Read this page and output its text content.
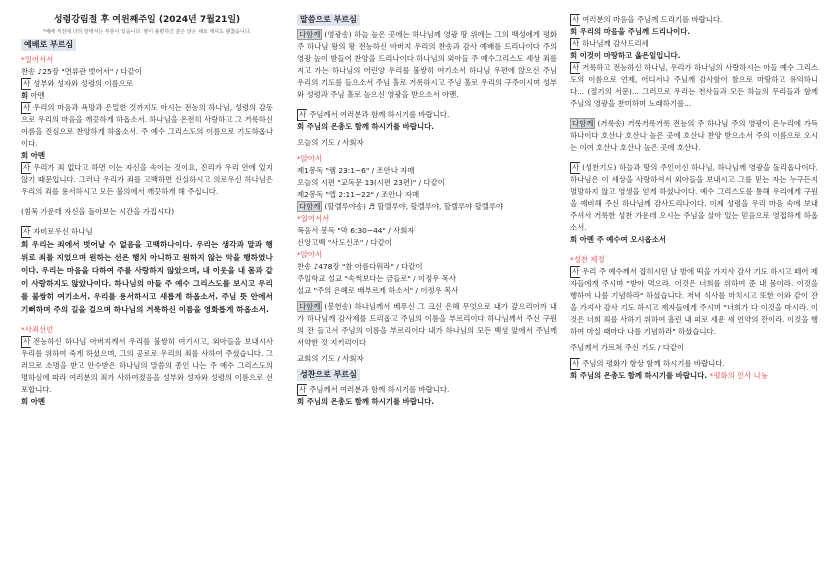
성령강림절 후 여윈째주일 (2024년 7월21일)
*예배 직전에 다리 앞에서는 부분이 있습니다. 옆이 볼편하신 분은 앉은 채로 계셔도 괜찮습니다.
예배로 부르심
*일어서서

찬송 ♪25장 "면류관 벗어서" / 다같이

사 성부와 성자와 성령의 이름으로

회 아멘

사 우리의 마음과 욕망과 은밀한 것까지도 아시는 전능의 하나님, 성령의 감동으로 우리의 마음을 깨끗하게 하옵소서. 하나님을 온전히 사랑하고 그 거룩하신 이름을 진심으로 찬양하게 하옵소서. 주 예수 그리스도의 이름으로 기도하옵나이다.

회 아멘

사 우리가 죄 없다고 하면 이는 자신을 속이는 것이요, 진리가 우리 안에 있지 않기 때문입니다. 그러나 우리가 죄를 고백하면 신실하시고 의로우신 하나님은 우리의 죄를 용서하시고 모든 불의에서 깨끗하게 해 주십니다.

(침묵 가운데 자신을 돌아보는 시간을 가집시다)

사 자비로우신 하나님

회 우리는 죄에서 벗어날 수 없음을 고백하나이다. 우리는 생각과 말과 행위로 죄를 지었으며 원하는 선은 행치 아니하고 원하지 않는 악을 행하였나이다. 우리는 마음을 다하여 주를 사랑하지 않았으며, 내 이웃을 내 몸과 같이 사랑하지도 않았나이다. 하나님의 아들 주 예수 그리스도를 보시고 우리를 불쌍히 여기소서. 우리를 용서하시고 새롭게 하옵소서. 주님 뜻 안에서 기뻐하며 주의 길을 걸으며 하나님의 거룩하신 이름을 영화롭게 하옵소서.

*사죄선언

사 전능하신 하나님 아버지께서 우리를 불쌍히 여기시고, 외아들을 보내시사 우리를 위하여 죽게 하셨으며, 그의 공로로 우리의 죄를 사하여 주셨습니다. 그러므로 소명을 받고 안수받은 하나님의 말씀의 종인 나는 주 예수 그리스도의 명하심에 따라 여러분의 죄가 사하여졌음을 성부와 성자와 성령의 이름으로 선포합니다.

회 아멘

말씀으로 부르심

다함께 (영광송) 하늘 높은 곳에는 하나님께 영광 땅 위에는 그의 백성에게 평화 주 하나님 왕의 왕 전능하신 아버지 우리의 찬송과 감사 예배를 드리나이다 주의 영광 높이 받들어 찬양을 드리나이다 하나님의 외아들 주 예수그리스도 세상 죄를 지고 가는 하나님의 어린양 우리를 불쌍히 여기소서 하나님 우편에 앉으신 주님 우리의 기도를 들으소서 주님 홀로 거룩하시고 주님 홀로 우리의 구주이시며 성부와 성령과 주님 홀로 높으신 영광을 받으소서 아멘.

사 주님께서 여러분과 함께 하시기를 바랍니다.

회 주님의 은총도 함께 하시기를 바랍니다.

오늘의 기도 / 사회자

*앉아서

제1봉독 "렘 23:1~6" / 조안나 자매

오늘의 시편 "교독문 13(시편 23편)" / 다같이

제2봉독 "엡 2:11~22" / 조안나 자매

다함께 (할렐루야송) ♬ 할렐루야, 할렐루야, 할렐루야 할렐루야

*일어서서

복음서 봉독 "막 6:30~44" / 사회자

신앙고백 "사도신조" / 다같이

*앉아서

찬송 ♪478장 "참 아름다워라" / 다같이

주일학교 설교 "속썩보다는 금들로" / 이정우 목사

설교 "주의 은혜로 배부르게 하소서" / 이정우 목사

다함께 (봉헌송) 하나님께서 베푸신 그 크신 은혜 무엇으로 내가 갚으리이까 내가 하나님께 감사제를 드리옵고 주님의 이름을 부르리이다 하나님께서 주신 구원의 잔 들고서 주님의 이름을 부르리이다 내가 하나님의 모든 백성 앞에서 주님께 서약한 것 지키리이다

교회의 기도 / 사회자

성찬으로 부르심

사 주님께서 여러분과 함께 하시기를 바랍니다.

회 주님의 은총도 함께 하시기를 바랍니다.

사 여러분의 마음을 주님께 드리기를 바랍니다.

회 우리의 마음을 주님께 드리나이다.

사 하나님께 감사드리세

회 이것이 마땅하고 옳은일입니다.

사 거룩하고 전능하신 하나님, 우리가 하나님의 사랑하시는 아들 예수 그리스도의 이름으로 언제, 어디서나 주님께 감사함이 참으로 마땅하고 유익하니다... (절기의 서문)... 그러므로 우리는 천사들과 모든 하늘의 무리들과 함께 주님의 영광을 찬미하며 노래하기를...

다함께 (거룩송) 거룩거룩거룩 전능의 주 하나님 주의 영광이 온누리에 가득하나이다 호산나 호산나 높은 곳에 호산나 찬양 받으소서 주의 이름으로 오시는 이여 호산나 호산나 높은 곳에 호산나.

사 (성찬기도) 하늘과 땅의 주인이신 하나님, 하나님께 영광을 돌리옵나이다. 하나님은 이 세상을 사랑하셔서 외아들을 보내시고 그를 믿는 자는 누구든지 멸망하지 않고 영생을 얻게 하셨나이다. 예수 그리스도를 통해 우리에게 구원을 예비해 주신 하나님께 감사드리나이다. 이제 성령을 우리 마음 속에 보내 주셔서 거룩한 성찬 가운데 오시는 주님을 살아 있는 믿음으로 영접하게 하옵소서.

회 아멘 주 예수여 오시옵소서

*성찬 제정

사 우리 주 예수께서 잡히시던 날 밤에 떡을 가지사 감사 기도 하시고 떼어 제자들에게 주시며 "받아 먹으라. 이것은 너희를 위하여 준 내 몸이라. 이것을 행하여 나를 기념하라" 하셨습니다. 저녁 식사를 마치시고 또한 이와 같이 잔을 가지사 감사 기도 하시고 제자들에게 주시며 "너희가 다 이것을 마시라. 이것은 너희 죄를 사하기 위하여 흘린 내 피로 세운 새 언약의 잔이라. 이것을 행하여 마실 때마다 나를 기념하라" 하셨습니다.

주님께서 가르쳐 주신 기도 / 다같이

사 주님의 평화가 항상 함께 하시기를 바랍니다.

회 주님의 은총도 함께 하시기를 바랍니다. *평화의 인사 나눔
